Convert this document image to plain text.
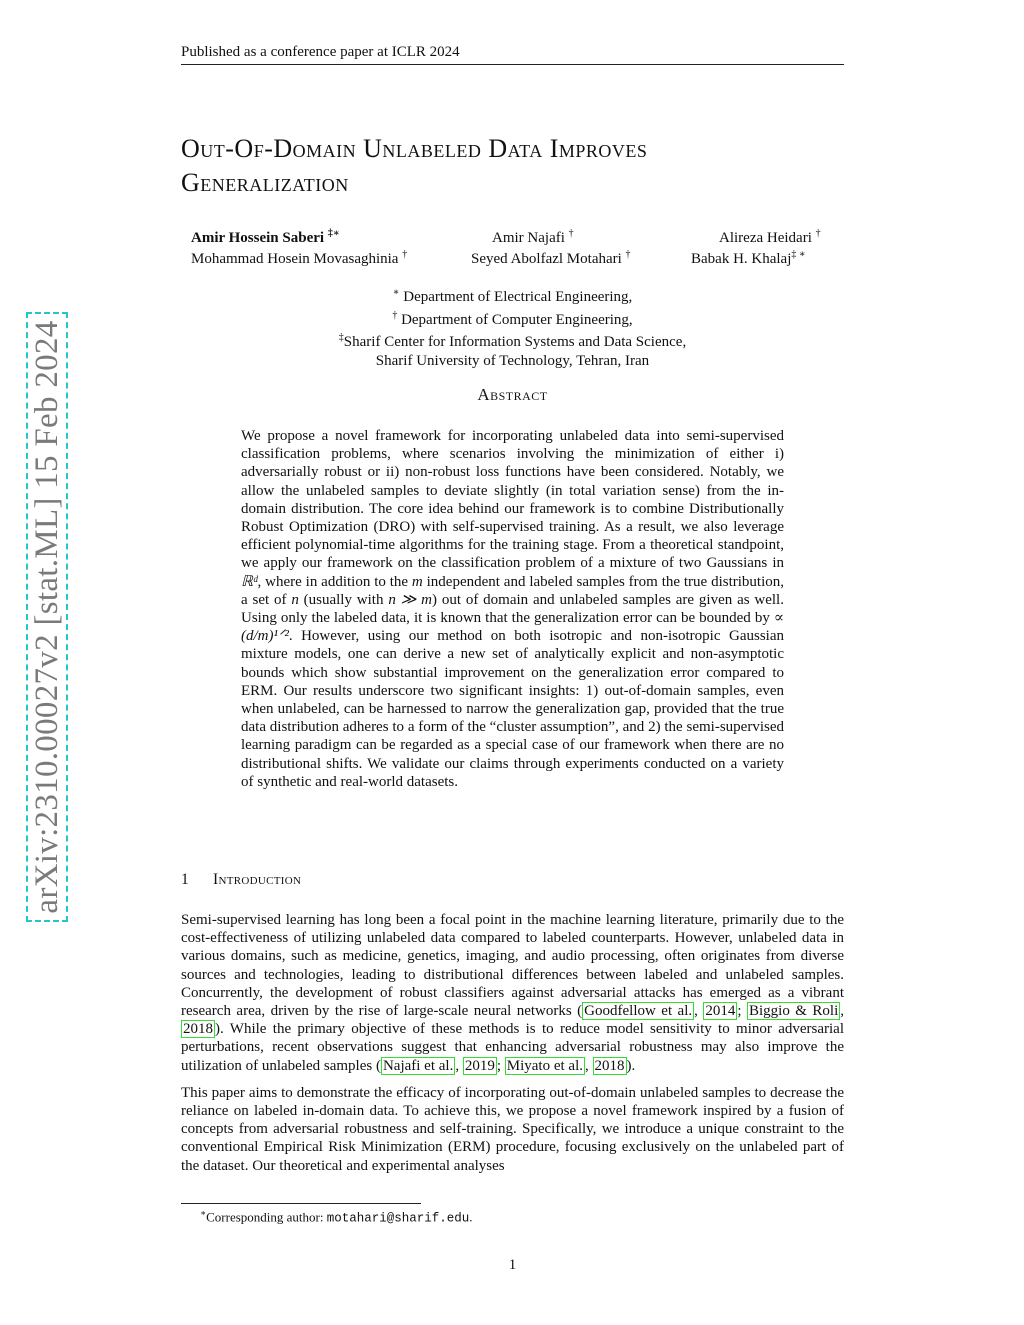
Published as a conference paper at ICLR 2024
arXiv:2310.00027v2 [stat.ML] 15 Feb 2024
Out-Of-Domain Unlabeled Data Improves
Generalization
Amir Hossein Saberi ‡∗	Amir Najafi †	Alireza Heidari †
Mohammad Hosein Movasaghinia †	Seyed Abolfazl Motahari †	Babak H. Khalaj‡ ∗
∗ Department of Electrical Engineering,
† Department of Computer Engineering,
‡Sharif Center for Information Systems and Data Science,
Sharif University of Technology, Tehran, Iran
Abstract

We propose a novel framework for incorporating unlabeled data into semi-supervised classification problems, where scenarios involving the minimization of either i) adversarially robust or ii) non-robust loss functions have been considered. Notably, we allow the unlabeled samples to deviate slightly (in total variation sense) from the in-domain distribution. The core idea behind our framework is to combine Distributionally Robust Optimization (DRO) with self-supervised training. As a result, we also leverage efficient polynomial-time algorithms for the training stage. From a theoretical standpoint, we apply our framework on the classification problem of a mixture of two Gaussians in ℝᵈ, where in addition to the m independent and labeled samples from the true distribution, a set of n (usually with n ≫ m) out of domain and unlabeled samples are given as well. Using only the labeled data, it is known that the generalization error can be bounded by ∝ (d/m)¹ᐟ². However, using our method on both isotropic and non-isotropic Gaussian mixture models, one can derive a new set of analytically explicit and non-asymptotic bounds which show substantial improvement on the generalization error compared to ERM. Our results underscore two significant insights: 1) out-of-domain samples, even when unlabeled, can be harnessed to narrow the generalization gap, provided that the true data distribution adheres to a form of the “cluster assumption”, and 2) the semi-supervised learning paradigm can be regarded as a special case of our framework when there are no distributional shifts. We validate our claims through experiments conducted on a variety of synthetic and real-world datasets.

1 Introduction

Semi-supervised learning has long been a focal point in the machine learning literature, primarily due to the cost-effectiveness of utilizing unlabeled data compared to labeled counterparts. However, unlabeled data in various domains, such as medicine, genetics, imaging, and audio processing, often originates from diverse sources and technologies, leading to distributional differences between labeled and unlabeled samples. Concurrently, the development of robust classifiers against adversarial attacks has emerged as a vibrant research area, driven by the rise of large-scale neural networks ( Goodfellow et al. , 2014 ; Biggio & Roli , 2018 ). While the primary objective of these methods is to reduce model sensitivity to minor adversarial perturbations, recent observations suggest that enhancing adversarial robustness may also improve the utilization of unlabeled samples ( Najafi et al. , 2019 ; Miyato et al. , 2018 ).

This paper aims to demonstrate the efficacy of incorporating out-of-domain unlabeled samples to decrease the reliance on labeled in-domain data. To achieve this, we propose a novel framework inspired by a fusion of concepts from adversarial robustness and self-training. Specifically, we introduce a unique constraint to the conventional Empirical Risk Minimization (ERM) procedure, focusing exclusively on the unlabeled part of the dataset. Our theoretical and experimental analyses

∗Corresponding author: motahari@sharif.edu.
1
